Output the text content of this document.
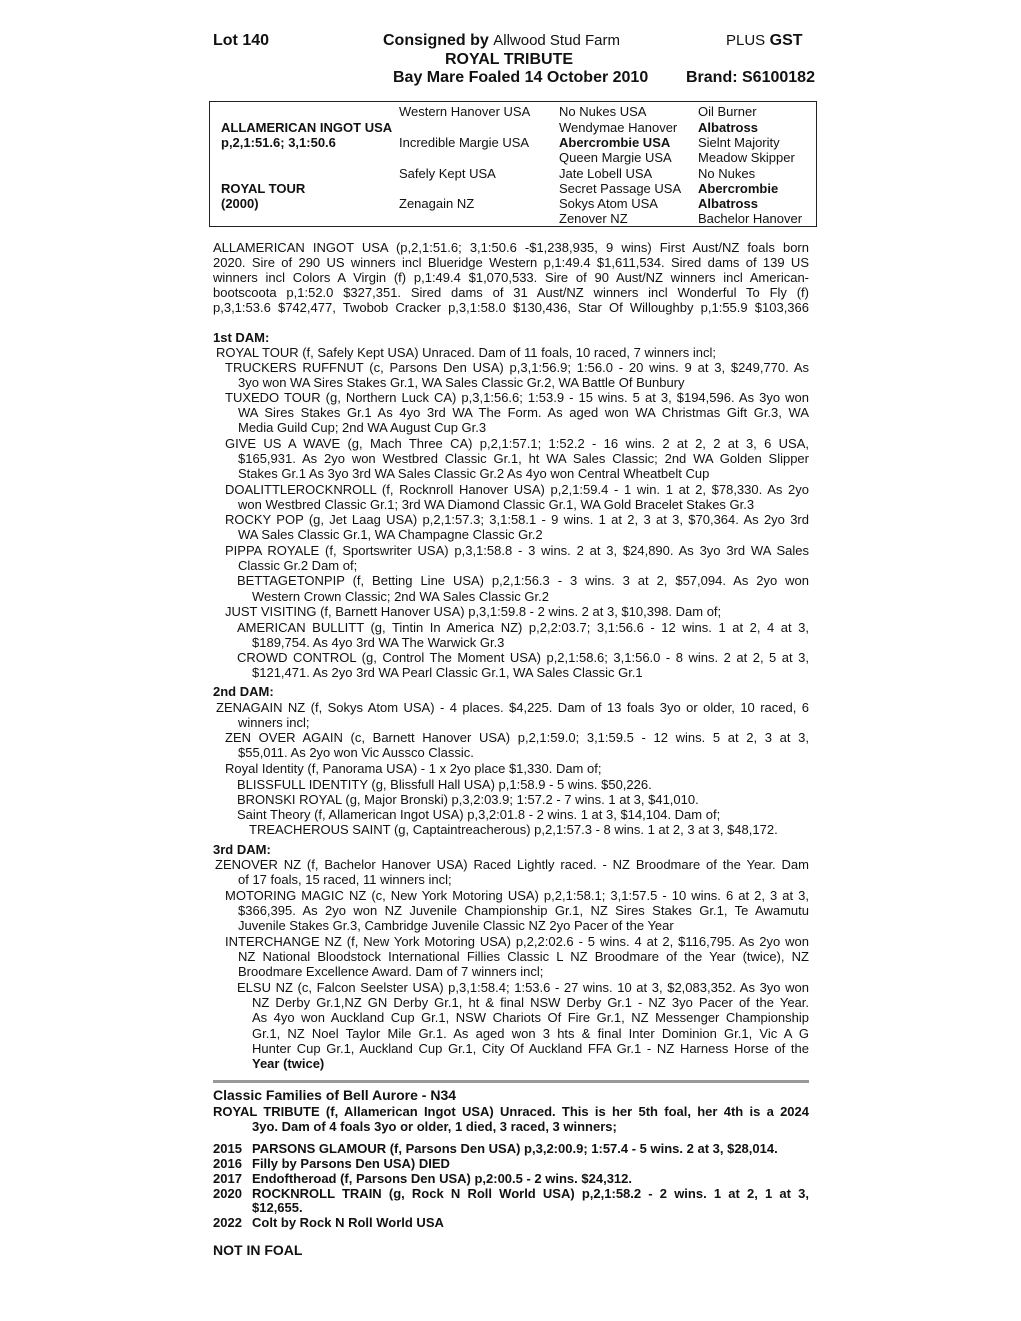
Lot 140	Consigned by Allwood Stud Farm	PLUS GST
ROYAL TRIBUTE
Bay Mare Foaled 14 October 2010 Brand: S6100182
ALLAMERICAN INGOT USA
p,2,1:51.6; 3,1:50.6
ROYAL TOUR
(2000)
Western Hanover USA
Incredible Margie USA
Safely Kept USA
Zenagain NZ
No Nukes USA
Wendymae Hanover
Abercrombie USA
Queen Margie USA
Jate Lobell USA
Secret Passage USA
Sokys Atom USA
Zenover NZ
Oil Burner
Albatross
Sielnt Majority
Meadow Skipper
No Nukes
Abercrombie
Albatross
Bachelor Hanover
ALLAMERICAN INGOT USA (p,2,1:51.6; 3,1:50.6 -$1,238,935, 9 wins) First Aust/NZ foals born
2020. Sire of 290 US winners incl Blueridge Western p,1:49.4 $1,611,534. Sired dams of 139 US
winners incl Colors A Virgin (f) p,1:49.4 $1,070,533. Sire of 90 Aust/NZ winners incl American-
bootscoota p,1:52.0 $327,351. Sired dams of 31 Aust/NZ winners incl Wonderful To Fly (f)
p,3,1:53.6 $742,477, Twobob Cracker p,3,1:58.0 $130,436, Star Of Willoughby p,1:55.9 $103,366
1st DAM:
ROYAL TOUR (f, Safely Kept USA) Unraced. Dam of 11 foals, 10 raced, 7 winners incl;
TRUCKERS RUFFNUT (c, Parsons Den USA) p,3,1:56.9; 1:56.0 - 20 wins. 9 at 3, $249,770. As
3yo won WA Sires Stakes Gr.1, WA Sales Classic Gr.2, WA Battle Of Bunbury
TUXEDO TOUR (g, Northern Luck CA) p,3,1:56.6; 1:53.9 - 15 wins. 5 at 3, $194,596. As 3yo won
WA Sires Stakes Gr.1 As 4yo 3rd WA The Form. As aged won WA Christmas Gift Gr.3, WA
Media Guild Cup; 2nd WA August Cup Gr.3
GIVE US A WAVE (g, Mach Three CA) p,2,1:57.1; 1:52.2 - 16 wins. 2 at 2, 2 at 3, 6 USA,
$165,931. As 2yo won Westbred Classic Gr.1, ht WA Sales Classic; 2nd WA Golden Slipper
Stakes Gr.1 As 3yo 3rd WA Sales Classic Gr.2 As 4yo won Central Wheatbelt Cup
DOALITTLEROCKNROLL (f, Rocknroll Hanover USA) p,2,1:59.4 - 1 win. 1 at 2, $78,330. As 2yo
won Westbred Classic Gr.1; 3rd WA Diamond Classic Gr.1, WA Gold Bracelet Stakes Gr.3
ROCKY POP (g, Jet Laag USA) p,2,1:57.3; 3,1:58.1 - 9 wins. 1 at 2, 3 at 3, $70,364. As 2yo 3rd
WA Sales Classic Gr.1, WA Champagne Classic Gr.2
PIPPA ROYALE (f, Sportswriter USA) p,3,1:58.8 - 3 wins. 2 at 3, $24,890. As 3yo 3rd WA Sales
Classic Gr.2 Dam of;
BETTAGETONPIP (f, Betting Line USA) p,2,1:56.3 - 3 wins. 3 at 2, $57,094. As 2yo won
Western Crown Classic; 2nd WA Sales Classic Gr.2
JUST VISITING (f, Barnett Hanover USA) p,3,1:59.8 - 2 wins. 2 at 3, $10,398. Dam of;
AMERICAN BULLITT (g, Tintin In America NZ) p,2,2:03.7; 3,1:56.6 - 12 wins. 1 at 2, 4 at 3,
$189,754. As 4yo 3rd WA The Warwick Gr.3
CROWD CONTROL (g, Control The Moment USA) p,2,1:58.6; 3,1:56.0 - 8 wins. 2 at 2, 5 at 3,
$121,471. As 2yo 3rd WA Pearl Classic Gr.1, WA Sales Classic Gr.1
2nd DAM:
ZENAGAIN NZ (f, Sokys Atom USA) - 4 places. $4,225. Dam of 13 foals 3yo or older, 10 raced, 6
winners incl;
ZEN OVER AGAIN (c, Barnett Hanover USA) p,2,1:59.0; 3,1:59.5 - 12 wins. 5 at 2, 3 at 3,
$55,011. As 2yo won Vic Aussco Classic.
Royal Identity (f, Panorama USA) - 1 x 2yo place $1,330. Dam of;
BLISSFULL IDENTITY (g, Blissfull Hall USA) p,1:58.9 - 5 wins. $50,226.
BRONSKI ROYAL (g, Major Bronski) p,3,2:03.9; 1:57.2 - 7 wins. 1 at 3, $41,010.
Saint Theory (f, Allamerican Ingot USA) p,3,2:01.8 - 2 wins. 1 at 3, $14,104. Dam of;
TREACHEROUS SAINT (g, Captaintreacherous) p,2,1:57.3 - 8 wins. 1 at 2, 3 at 3, $48,172.
3rd DAM:
ZENOVER NZ (f, Bachelor Hanover USA) Raced Lightly raced. - NZ Broodmare of the Year. Dam
of 17 foals, 15 raced, 11 winners incl;
MOTORING MAGIC NZ (c, New York Motoring USA) p,2,1:58.1; 3,1:57.5 - 10 wins. 6 at 2, 3 at 3,
$366,395. As 2yo won NZ Juvenile Championship Gr.1, NZ Sires Stakes Gr.1, Te Awamutu
Juvenile Stakes Gr.3, Cambridge Juvenile Classic NZ 2yo Pacer of the Year
INTERCHANGE NZ (f, New York Motoring USA) p,2,2:02.6 - 5 wins. 4 at 2, $116,795. As 2yo won
NZ National Bloodstock International Fillies Classic L NZ Broodmare of the Year (twice), NZ
Broodmare Excellence Award. Dam of 7 winners incl;
ELSU NZ (c, Falcon Seelster USA) p,3,1:58.4; 1:53.6 - 27 wins. 10 at 3, $2,083,352. As 3yo won
NZ Derby Gr.1,NZ GN Derby Gr.1, ht & final NSW Derby Gr.1 - NZ 3yo Pacer of the Year.
As 4yo won Auckland Cup Gr.1, NSW Chariots Of Fire Gr.1, NZ Messenger Championship
Gr.1, NZ Noel Taylor Mile Gr.1. As aged won 3 hts & final Inter Dominion Gr.1, Vic A G
Hunter Cup Gr.1, Auckland Cup Gr.1, City Of Auckland FFA Gr.1 - NZ Harness Horse of the
Year (twice)
Classic Families of Bell Aurore - N34
ROYAL TRIBUTE (f, Allamerican Ingot USA) Unraced. This is her 5th foal, her 4th is a 2024
3yo. Dam of 4 foals 3yo or older, 1 died, 3 raced, 3 winners;
2015 PARSONS GLAMOUR (f, Parsons Den USA) p,3,2:00.9; 1:57.4 - 5 wins. 2 at 3, $28,014.
2016 Filly by Parsons Den USA) DIED
2017 Endoftheroad (f, Parsons Den USA) p,2:00.5 - 2 wins. $24,312.
2020 ROCKNROLL TRAIN (g, Rock N Roll World USA) p,2,1:58.2 - 2 wins. 1 at 2, 1 at 3,
$12,655.
2022 Colt by Rock N Roll World USA
NOT IN FOAL
